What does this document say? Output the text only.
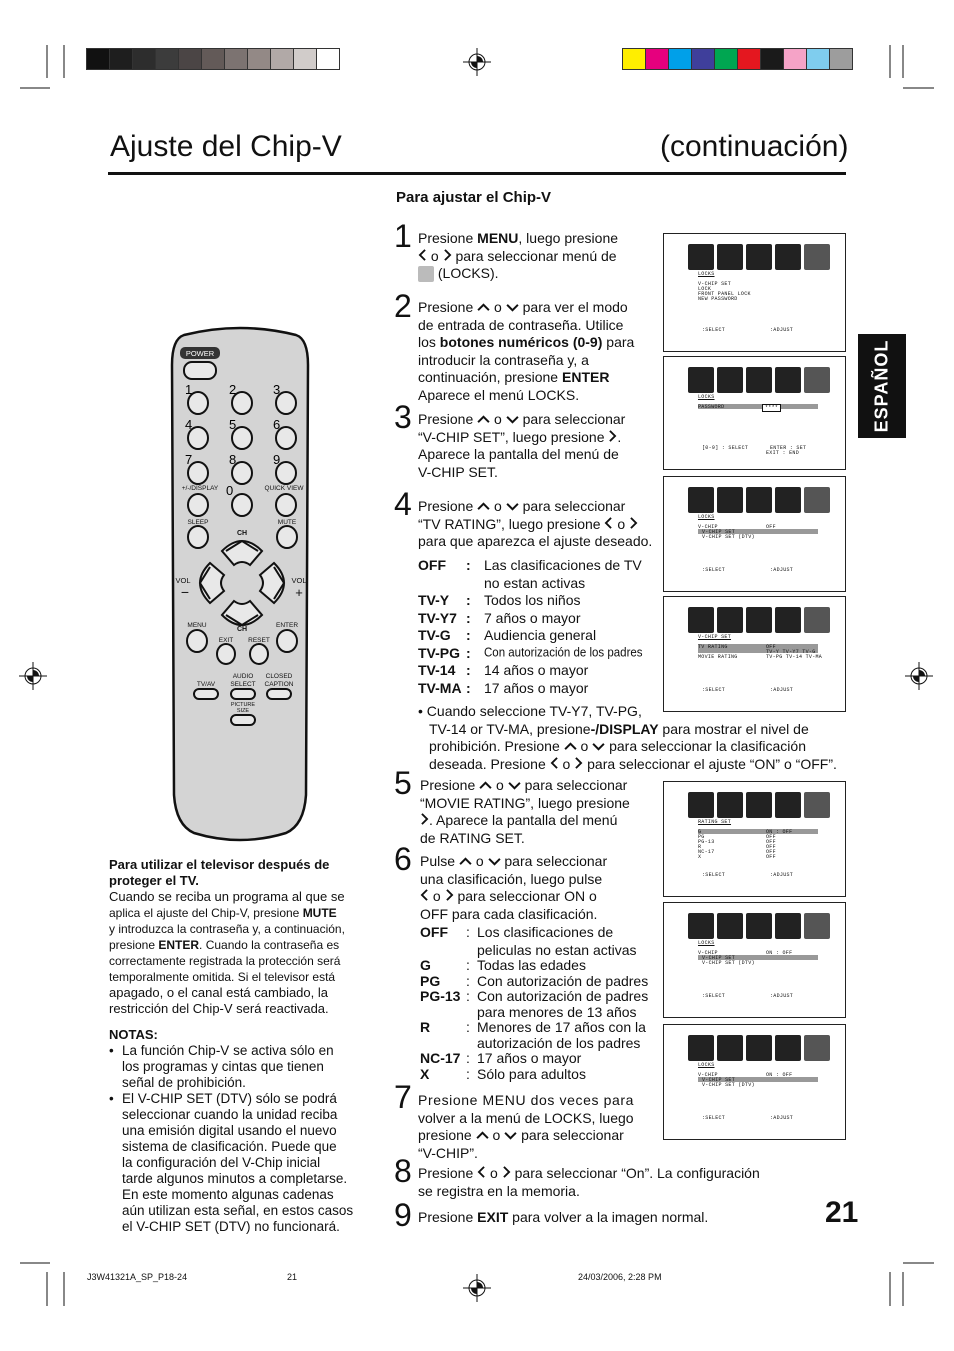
Ajuste del Chip-V	(continuación)
ESPAÑOL
Para ajustar el Chip-V
1 Presione MENU, luego presione
o para seleccionar menú de
(LOCKS).
2 Presione o para ver el modo
de entrada de contraseña. Utilice
los botones numéricos (0-9) para
introducir la contraseña y, a
continuación, presione ENTER
Aparece el menú LOCKS.
3 Presione o para seleccionar
“V-CHIP SET”, luego presione .
Aparece la pantalla del menú de
V-CHIP SET.
4 Presione o para seleccionar
“TV RATING”, luego presione o
para que aparezca el ajuste deseado.
OFF	: Las clasificaciones de TV
no estan activas
TV-Y	: Todos los niños
TV-Y7 : 7 años o mayor
TV-G	: Audiencia general
TV-PG :	Con autorización de los padres
TV-14 : 14 años o mayor
TV-MA : 17 años o mayor
• Cuando seleccione TV-Y7, TV-PG,
TV-14 or TV-MA, presione-/DISPLAY para mostrar el nivel de
prohibición. Presione o para seleccionar la clasificación
deseada. Presione o para seleccionar el ajuste “ON” o “OFF”.
5 Presione o para seleccionar
“MOVIE RATING”, luego presione
. Aparece la pantalla del menú
de RATING SET.
6 Pulse o para seleccionar
una clasificación, luego pulse
o para seleccionar ON o
OFF para cada clasificación.
OFF	: Los clasificaciones de
peliculas no estan activas
G	: Todas las edades
PG	: Con autorización de padres
PG-13 : Con autorización de padres
para menores de 13 años
R	: Menores de 17 años con la
autorización de los padres
NC-17 : 17 años o mayor
X	: Sólo para adultos
7 Presione MENU dos veces para
volver a la menú de LOCKS, luego
presione o para seleccionar
“V-CHIP”.
8 Presione o para seleccionar “On”. La configuración
se registra en la memoria.
9 Presione EXIT para volver a la imagen normal.	21
LOCKS
V-CHIP SET
LOCK
FRONT PANEL LOCK
NEW PASSWORD
:SELECT	:ADJUST
LOCKS
PASSWORD	****
[0-9] : SELECT	ENTER : SET
EXIT : END
LOCKS
V-CHIP	OFF
V-CHIP SET
V-CHIP SET (DTV)
:SELECT	:ADJUST
V-CHIP SET
TV RATING	OFF
TV-Y TV-Y7 TV-G
MOVIE RATING	TV-PG TV-14 TV-MA
:SELECT	:ADJUST
RATING SET
G	ON : OFF
PG	OFF
PG-13	OFF
R	OFF
NC-17	OFF
X	OFF
:SELECT	:ADJUST
LOCKS
V-CHIP	ON : OFF
V-CHIP SET
V-CHIP SET (DTV)
:SELECT	:ADJUST
LOCKS
V-CHIP	ON : OFF
V-CHIP SET
V-CHIP SET (DTV)
:SELECT	:ADJUST
POWER
1	2	3
4	5	6
7	8	9
0
+/-/DISPLAY	QUICK VIEW
SLEEP
CH
MUTE
VOL	VOL
−	+
MENU
CH
ENTER
EXIT RESET
TV/AV
AUDIO
SELECT
CLOSED
CAPTION
PICTURE
SIZE
Para utilizar el televisor después de
proteger el TV.
Cuando se reciba un programa al que se
aplica el ajuste del Chip-V, presione MUTE
y introduzca la contraseña y, a continuación,
presione ENTER. Cuando la contraseña es
correctamente registrada la protección será
temporalmente omitida. Si el televisor está
apagado, o el canal está cambiado, la
restricción del Chip-V será reactivada.
NOTAS:
• La función Chip-V se activa sólo en
los programas y cintas que tienen
señal de prohibición.
• El V-CHIP SET (DTV) sólo se podrá
seleccionar cuando la unidad reciba
una emisión digital usando el nuevo
sistema de clasificación. Puede que
la configuración del V-Chip inicial
tarde algunos minutos a completarse.
En este momento algunas cadenas
aún utilizan esta señal, en estos casos
el V-CHIP SET (DTV) no funcionará.
J3W41321A_SP_P18-24	21	24/03/2006, 2:28 PM
